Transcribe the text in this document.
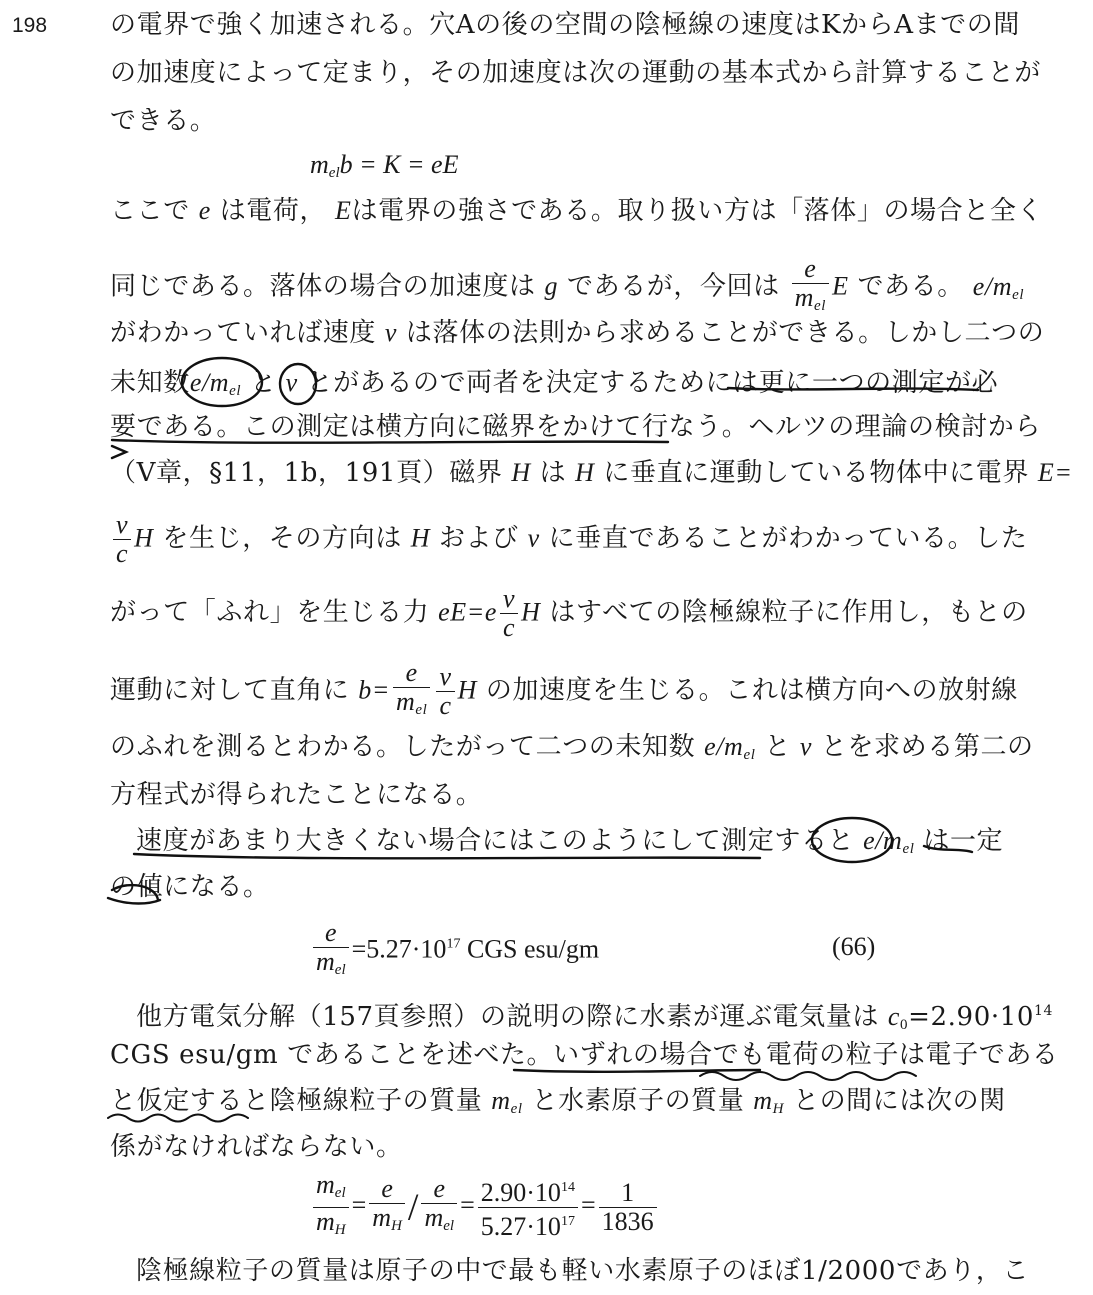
198 の電界で強く加速される。穴Aの後の空間の陰極線の速度はKからAまでの間
の加速度によって定まり，その加速度は次の運動の基本式から計算することが
できる。
$m_{el}b = K$ = eE
ここで e は電荷， Eは電界の強さである。取り扱い方は「落体」の場合と全く
同じである。落体の場合の加速度は g であるが，今回は $\frac{e}{m_{el}}$ E である。 $e/m_{el}$
がわかっていれば速度 v は落体の法則から求めることができる。しかし二つの
未知数$e/m_{el}$ と v とがあるので両者を決定するためには更に一つの測定が必
要である。この測定は横方向に磁界をかけて行なう。ヘルツの理論の検討から
（V章，§11，1b，191頁）磁界 H は H に垂直に運動している物体中に電界 E=
$\frac{v}{c}$ H を生じ，その方向は H および v に垂直であることがわかっている。した
がって「ふれ」を生じる力 $eE=e \frac{v}{c}$ H はすべての陰極線粒子に作用し，もとの
運動に対して直角に $b= \frac{e}{m_{el}} \frac{v}{c}$ H の加速度を生じる。これは横方向への放射線
のふれを測るとわかる。したがって二つの未知数 $e/m_{el}$ と v とを求める第二の
方程式が得られたことになる。
速度があまり大きくない場合にはこのようにして測定すると $e/m_{el}$ は一定
の値になる。
$\frac{e}{m_{el}} =5.27\cdot 10^{17}$ CGS esu/gm	(66)
他方電気分解（157頁参照）の説明の際に水素が運ぶ電気量は $c_0=2.90\cdot 10^{14}$
CGS esu/gm であることを述べた。いずれの場合でも電荷の粒子は電子である
と仮定すると陰極線粒子の質量 $m_{el}$ と水素原子の質量 $m_H$ との間には次の関
係がなければならない。
$\frac{m_{el}}{m_H} = \frac{e}{m_H} / \frac{e}{m_{el}} = \frac{2.90\cdot 10^{14}}{5.27\cdot 10^{17}} = \frac{1}{1836}$
陰極線粒子の質量は原子の中で最も軽い水素原子のほぼ1/2000であり，こ
